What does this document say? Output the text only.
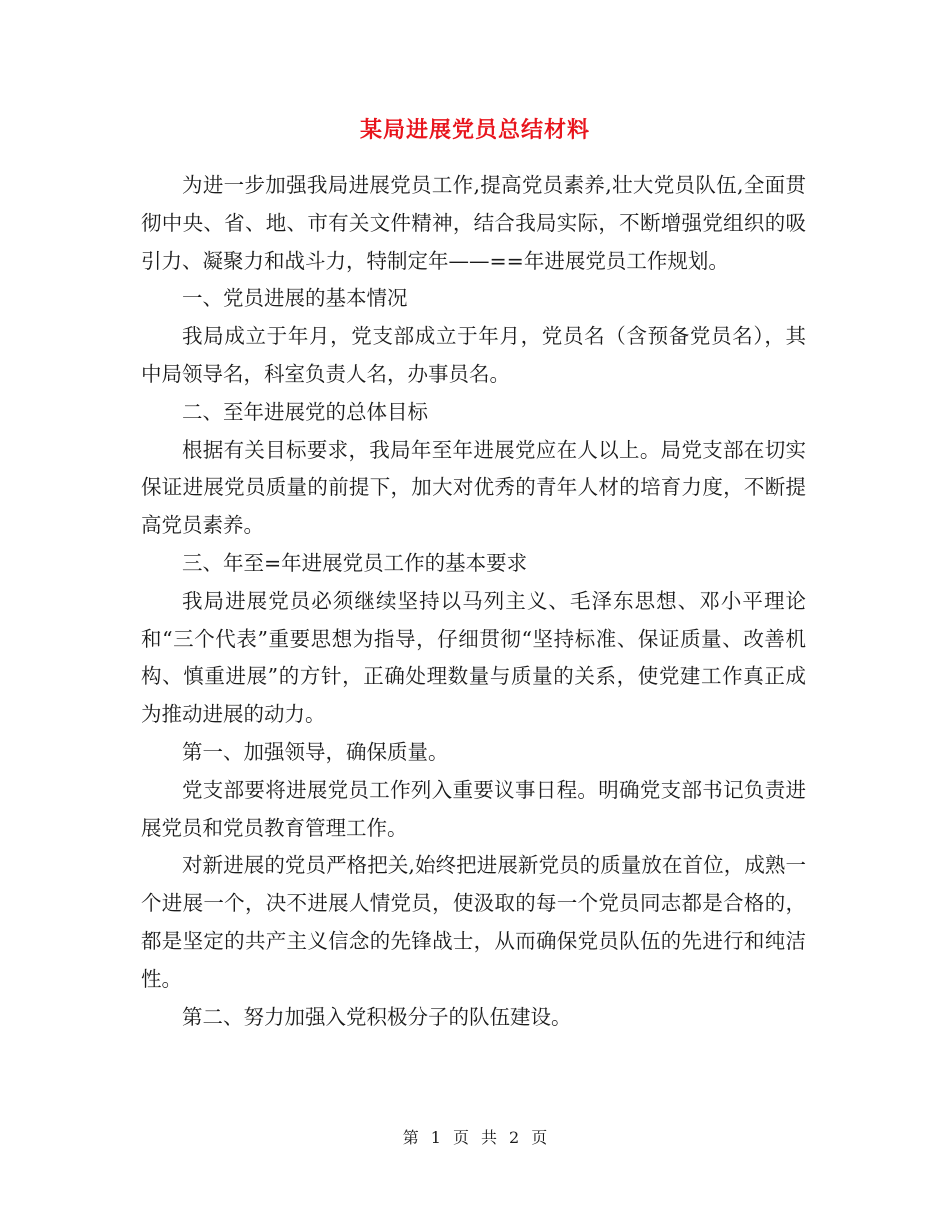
某局进展党员总结材料

为进一步加强我局进展党员工作,提高党员素养,壮大党员队伍,全面贯彻中央、省、地、市有关文件精神，结合我局实际，不断增强党组织的吸引力、凝聚力和战斗力，特制定年——==年进展党员工作规划。

一、党员进展的基本情况

我局成立于年月，党支部成立于年月，党员名（含预备党员名），其中局领导名，科室负责人名，办事员名。

二、至年进展党的总体目标

根据有关目标要求，我局年至年进展党应在人以上。局党支部在切实保证进展党员质量的前提下，加大对优秀的青年人材的培育力度，不断提高党员素养。

三、年至=年进展党员工作的基本要求

我局进展党员必须继续坚持以马列主义、毛泽东思想、邓小平理论和“三个代表”重要思想为指导，仔细贯彻“坚持标准、保证质量、改善机构、慎重进展”的方针，正确处理数量与质量的关系，使党建工作真正成为推动进展的动力。

第一、加强领导，确保质量。

党支部要将进展党员工作列入重要议事日程。明确党支部书记负责进展党员和党员教育管理工作。

对新进展的党员严格把关,始终把进展新党员的质量放在首位，成熟一个进展一个，决不进展人情党员，使汲取的每一个党员同志都是合格的，都是坚定的共产主义信念的先锋战士，从而确保党员队伍的先进行和纯洁性。

第二、努力加强入党积极分子的队伍建设。

第 1 页 共 2 页
